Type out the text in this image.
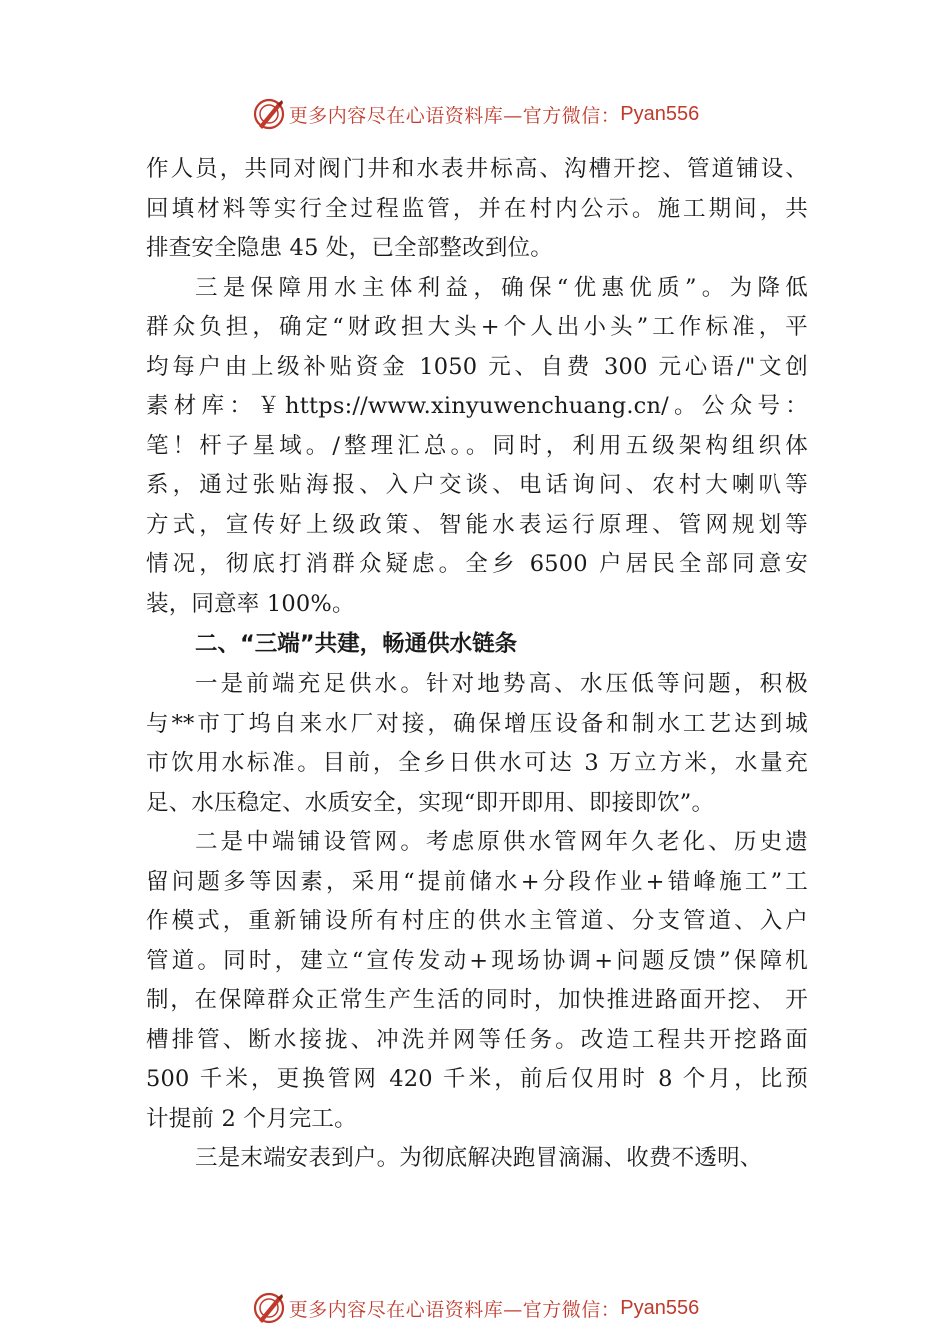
更多内容尽在心语资料库—官方微信： Pyan556
作人员，共同对阀门井和水表井标高、沟槽开挖、管道铺设、
回填材料等实行全过程监管，并在村内公示。施工期间，共
排查安全隐患 45 处，已全部整改到位。
三是保障用水主体利益，确保“优惠优质”。为降低
群众负担，确定“财政担大头+个人出小头”工作标准，平
均每户由上级补贴资金 1050 元、自费 300 元心语/"文创
素材库：￥https://www.xinyuwenchuang.cn/。公众号：
笔！杆子星域。/整理汇总。。同时，利用五级架构组织体
系，通过张贴海报、入户交谈、电话询问、农村大喇叭等
方式，宣传好上级政策、智能水表运行原理、管网规划等
情况，彻底打消群众疑虑。全乡 6500 户居民全部同意安
装，同意率 100%。
二、“三端”共建，畅通供水链条
一是前端充足供水。针对地势高、水压低等问题，积极
与**市丁坞自来水厂对接，确保增压设备和制水工艺达到城
市饮用水标准。目前，全乡日供水可达 3 万立方米，水量充
足、水压稳定、水质安全，实现“即开即用、即接即饮”。
二是中端铺设管网。考虑原供水管网年久老化、历史遗
留问题多等因素，采用“提前储水+分段作业+错峰施工”工
作模式，重新铺设所有村庄的供水主管道、分支管道、入户
管道。同时，建立“宣传发动+现场协调+问题反馈”保障机
制，在保障群众正常生产生活的同时，加快推进路面开挖、 开
槽排管、断水接拢、冲洗并网等任务。改造工程共开挖路面
500 千米，更换管网 420 千米，前后仅用时 8 个月，比预
计提前 2 个月完工。
三是末端安表到户。为彻底解决跑冒滴漏、收费不透明、
更多内容尽在心语资料库—官方微信： Pyan556
